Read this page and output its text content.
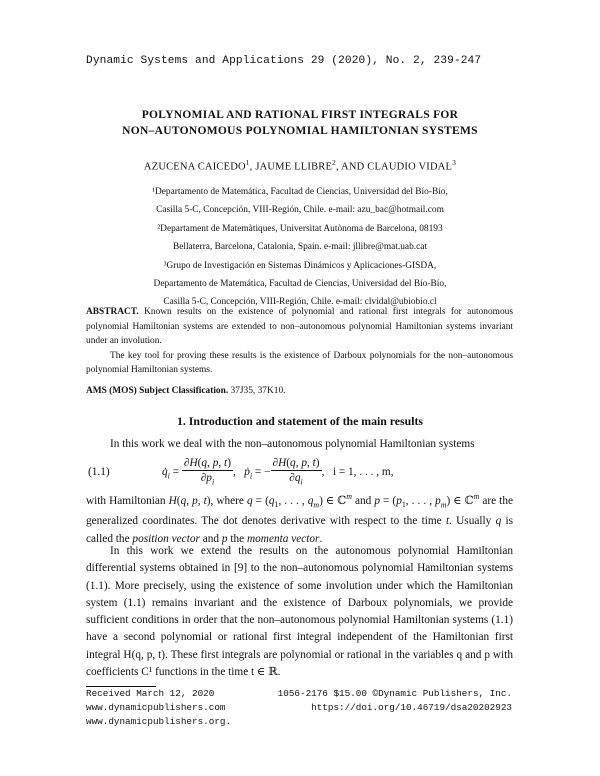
Dynamic Systems and Applications 29 (2020), No. 2, 239-247
POLYNOMIAL AND RATIONAL FIRST INTEGRALS FOR
NON–AUTONOMOUS POLYNOMIAL HAMILTONIAN SYSTEMS
AZUCENA CAICEDO$^1$, JAUME LLIBRE$^2$, AND CLAUDIO VIDAL$^3$
¹Departamento de Matemática, Facultad de Ciencias, Universidad del Bío-Bío,
Casilla 5-C, Concepción, VIII-Región, Chile. e-mail: azu_bac@hotmail.com
²Departament de Matemàtiques, Universitat Autònoma de Barcelona, 08193
Bellaterra, Barcelona, Catalonia, Spain. e-mail: jllibre@mat.uab.cat
³Grupo de Investigación en Sistemas Dinámicos y Aplicaciones-GISDA,
Departamento de Matemática, Facultad de Ciencias, Universidad del Bío-Bío,
Casilla 5-C, Concepción, VIII-Región, Chile. e-mail: clvidal@ubiobio.cl
ABSTRACT. Known results on the existence of polynomial and rational first integrals for autonomous polynomial Hamiltonian systems are extended to non–autonomous polynomial Hamiltonian systems invariant under an involution.
The key tool for proving these results is the existence of Darboux polynomials for the non–autonomous polynomial Hamiltonian systems.
AMS (MOS) Subject Classification. 37J35, 37K10.
1. Introduction and statement of the main results
In this work we deal with the non–autonomous polynomial Hamiltonian systems
(1.1)	$q̇_i = \frac{\partial H(q, p, t)}{\partial p_i}$ ,   ṗ$_i$ = − $\frac{\partial H(q, p, t)}{\partial q_i}$ ,   i = 1, . . . , m,
with Hamiltonian H(q, p, t), where $q = (q_1$, . . . , $q_m$) ∈ ℂ$^m$ and $p = (p_1$, . . . , $p_m$) ∈ ℂ$^m$ are the generalized coordinates. The dot denotes derivative with respect to the time t. Usually q is called the position vector and p the momenta vector.
In this work we extend the results on the autonomous polynomial Hamiltonian differential systems obtained in [9] to the non–autonomous polynomial Hamiltonian systems (1.1). More precisely, using the existence of some involution under which the Hamiltonian system (1.1) remains invariant and the existence of Darboux polynomials, we provide sufficient conditions in order that the non–autonomous polynomial Hamiltonian systems (1.1) have a second polynomial or rational first integral independent of the Hamiltonian first integral H(q, p, t). These first integrals are polynomial or rational in the variables q and p with coefficients C¹ functions in the time t ∈ ℝ.
Received March 12, 2020
www.dynamicpublishers.com
www.dynamicpublishers.org.
1056-2176 $15.00 ©Dynamic Publishers, Inc.
https://doi.org/10.46719/dsa20202923
